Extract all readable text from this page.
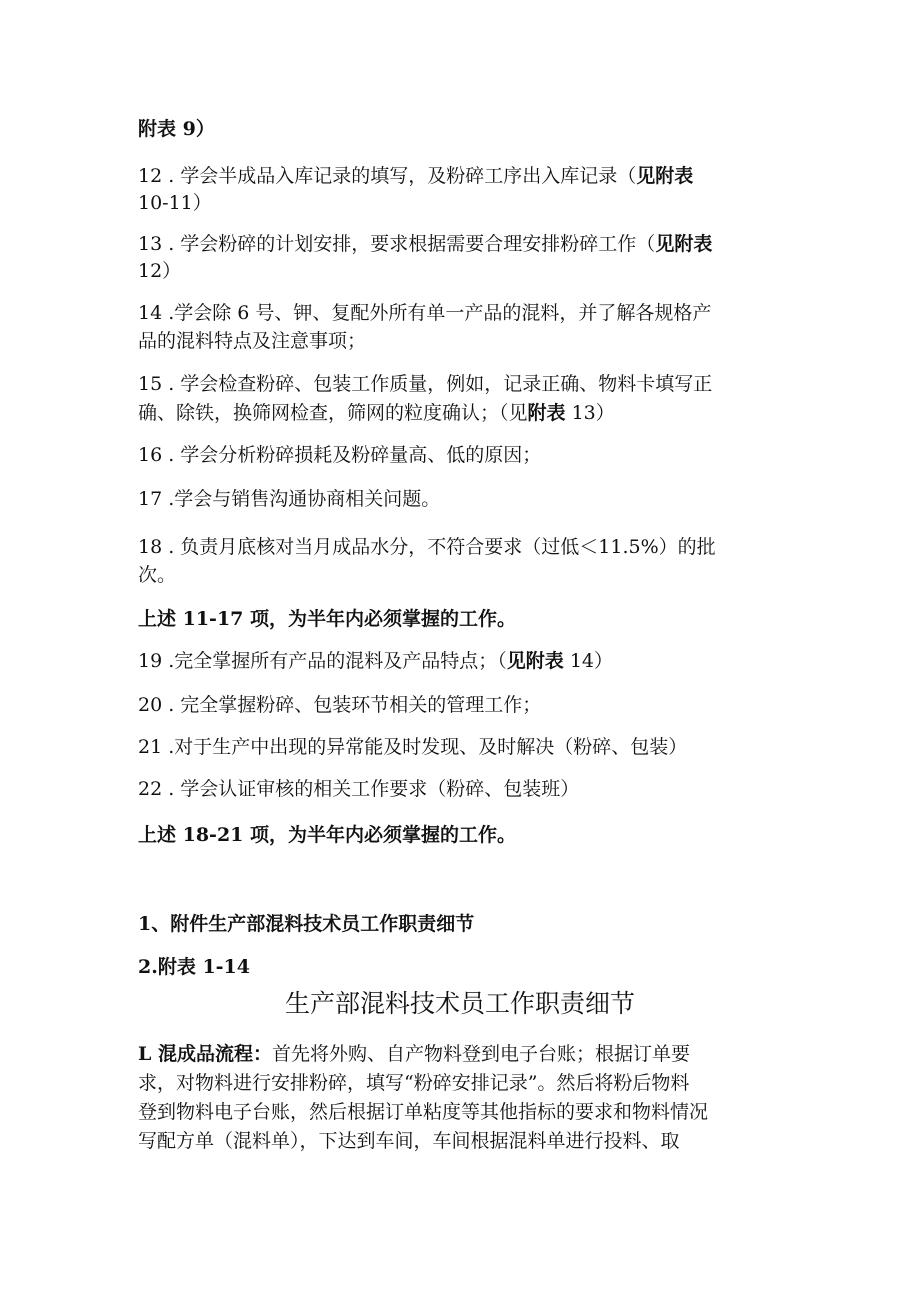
附表 9）
12 . 学会半成品入库记录的填写，及粉碎工序出入库记录（见附表
10-11）
13 . 学会粉碎的计划安排，要求根据需要合理安排粉碎工作（见附表
12）
14 .学会除 6 号、钾、复配外所有单一产品的混料，并了解各规格产
品的混料特点及注意事项；
15 . 学会检查粉碎、包装工作质量，例如，记录正确、物料卡填写正
确、除铁，换筛网检查，筛网的粒度确认；（见附表 13）
16 . 学会分析粉碎损耗及粉碎量高、低的原因；
17 .学会与销售沟通协商相关问题。
18 . 负责月底核对当月成品水分，不符合要求（过低＜11.5%）的批
次。
上述 11-17 项，为半年内必须掌握的工作。
19 .完全掌握所有产品的混料及产品特点；（见附表 14）
20 . 完全掌握粉碎、包装环节相关的管理工作；
21 .对于生产中出现的异常能及时发现、及时解决（粉碎、包装）
22 . 学会认证审核的相关工作要求（粉碎、包装班）
上述 18-21 项，为半年内必须掌握的工作。
1、附件生产部混料技术员工作职责细节
2.附表 1-14
生产部混料技术员工作职责细节
L 混成品流程：首先将外购、自产物料登到电子台账；根据订单要
求，对物料进行安排粉碎，填写“粉碎安排记录”。然后将粉后物料
登到物料电子台账，然后根据订单粘度等其他指标的要求和物料情况
写配方单（混料单），下达到车间，车间根据混料单进行投料、取
